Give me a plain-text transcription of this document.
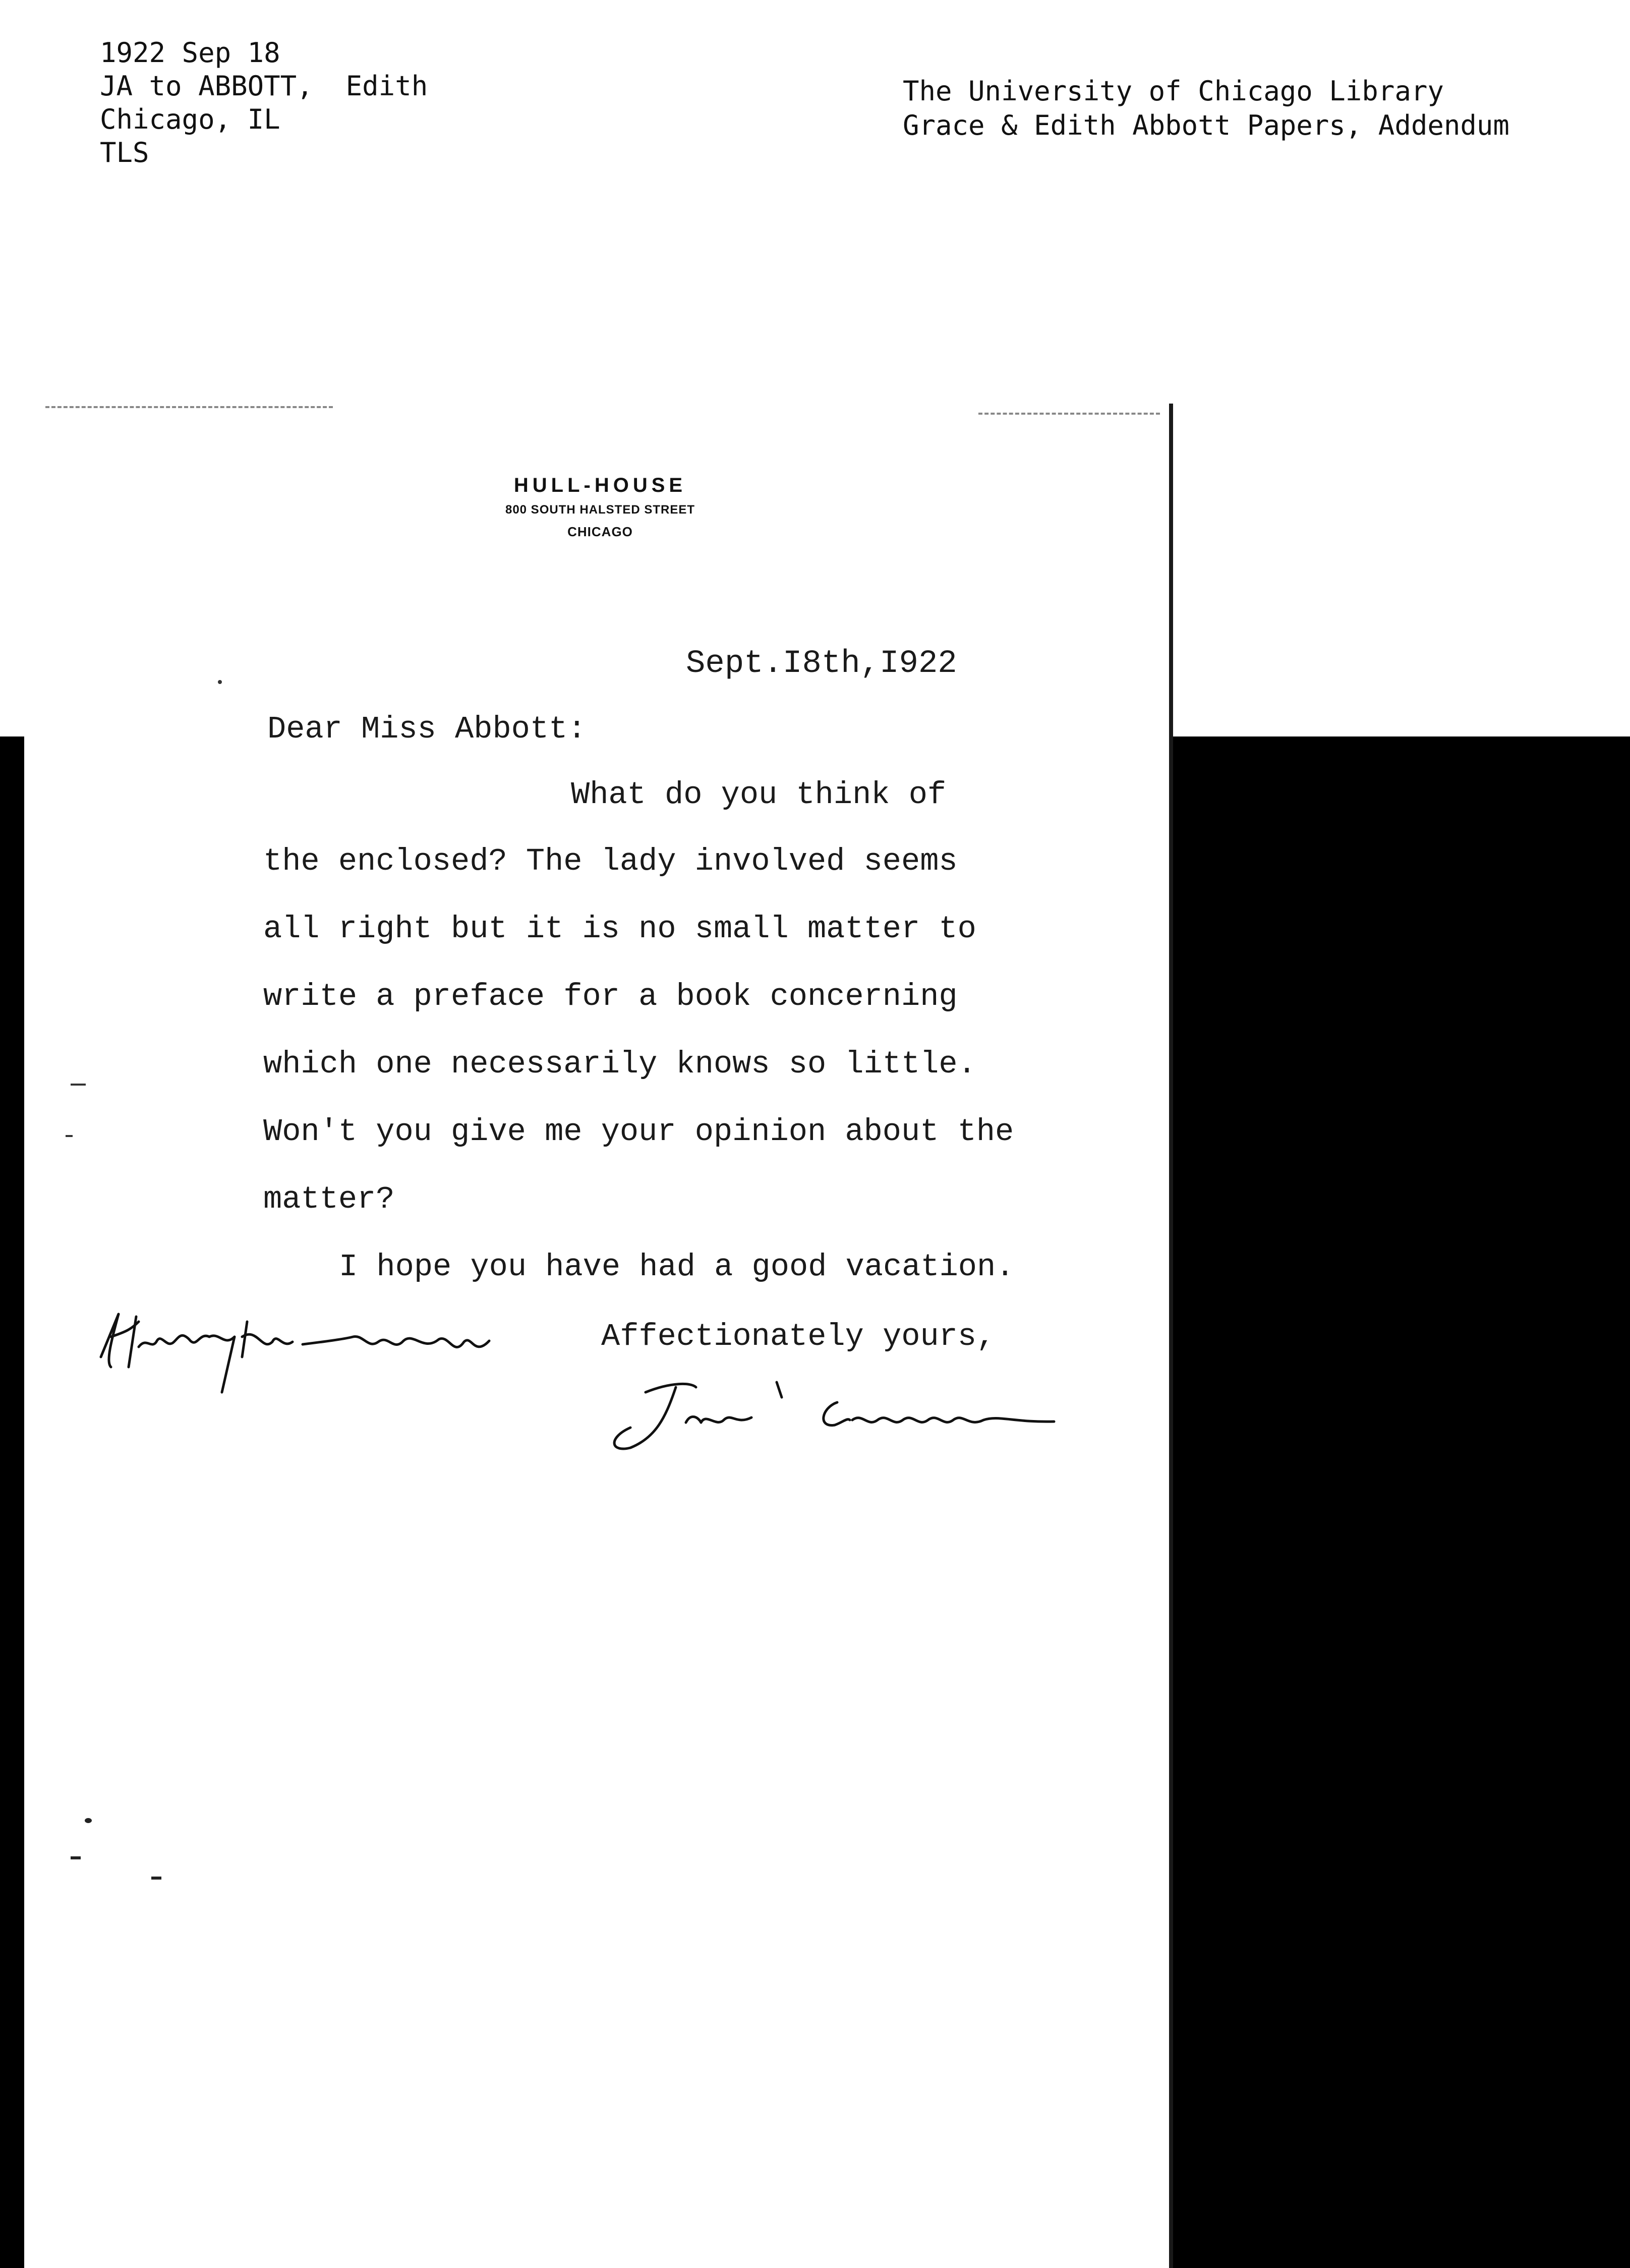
1922 Sep 18
JA to ABBOTT,  Edith
Chicago, IL
TLS
The University of Chicago Library
Grace & Edith Abbott Papers, Addendum
HULL-HOUSE
800 SOUTH HALSTED STREET
CHICAGO
Sept.I8th,I922
Dear Miss Abbott:
What do you think of
the enclosed? The lady involved seems
all right but it is no small matter to
write a preface for a book concerning
which one necessarily knows so little.
Won't you give me your opinion about the
matter?
I hope you have had a good vacation.
Affectionately yours,
